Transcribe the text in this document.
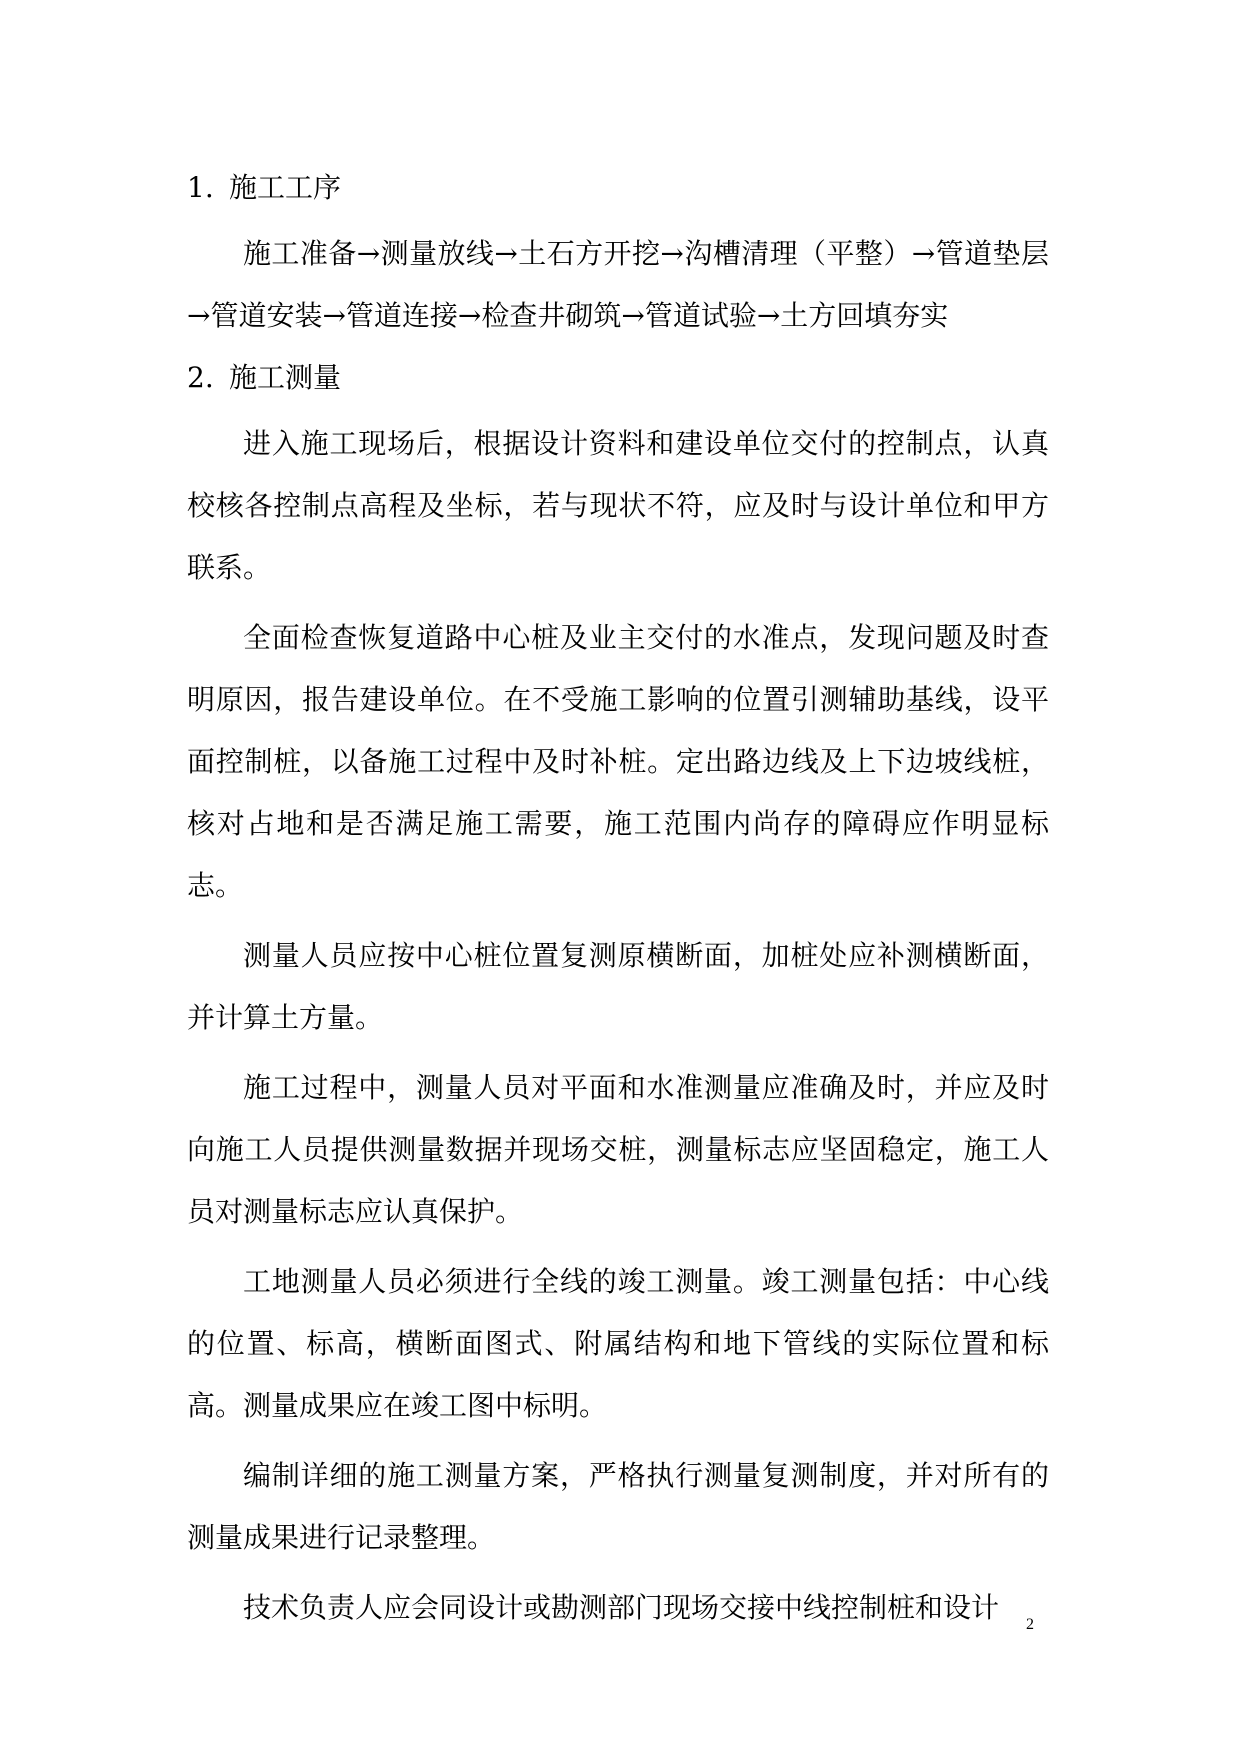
1. 施工工序

施工准备→测量放线→土石方开挖→沟槽清理（平整）→管道垫层→管道安装→管道连接→检查井砌筑→管道试验→土方回填夯实

2. 施工测量

进入施工现场后，根据设计资料和建设单位交付的控制点，认真校核各控制点高程及坐标，若与现状不符，应及时与设计单位和甲方联系。

全面检查恢复道路中心桩及业主交付的水准点，发现问题及时查明原因，报告建设单位。在不受施工影响的位置引测辅助基线，设平面控制桩，以备施工过程中及时补桩。定出路边线及上下边坡线桩，核对占地和是否满足施工需要，施工范围内尚存的障碍应作明显标志。

测量人员应按中心桩位置复测原横断面，加桩处应补测横断面，并计算土方量。

施工过程中，测量人员对平面和水准测量应准确及时，并应及时向施工人员提供测量数据并现场交桩，测量标志应坚固稳定，施工人员对测量标志应认真保护。

工地测量人员必须进行全线的竣工测量。竣工测量包括：中心线的位置、标高，横断面图式、附属结构和地下管线的实际位置和标高。测量成果应在竣工图中标明。

编制详细的施工测量方案，严格执行测量复测制度，并对所有的测量成果进行记录整理。

技术负责人应会同设计或勘测部门现场交接中线控制桩和设计

2
